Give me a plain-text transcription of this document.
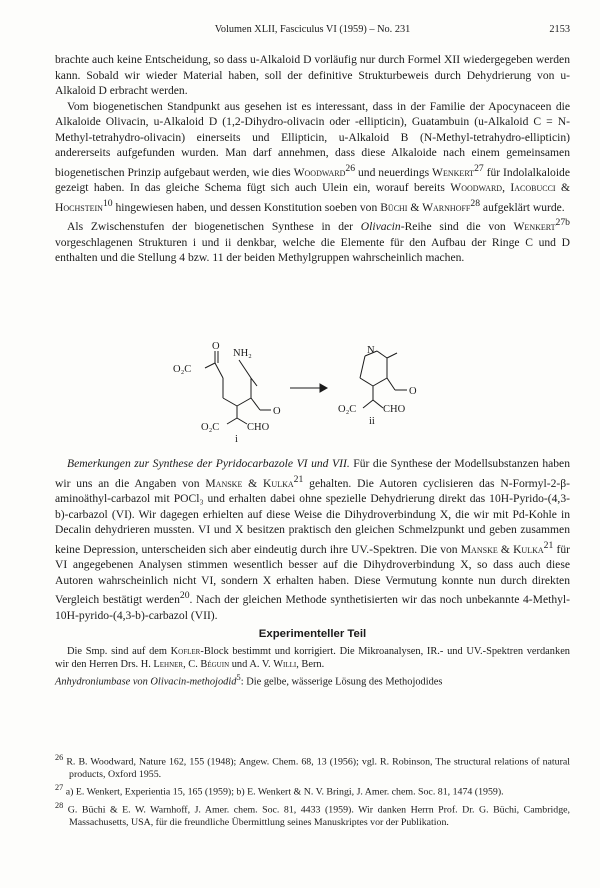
Volumen XLII, Fasciculus VI (1959) – No. 231	2153

brachte auch keine Entscheidung, so dass u-Alkaloid D vorläufig nur durch Formel XII wiedergegeben werden kann. Sobald wir wieder Material haben, soll der definitive Strukturbeweis durch Dehydrierung von u-Alkaloid D erbracht werden.

Vom biogenetischen Standpunkt aus gesehen ist es interessant, dass in der Familie der Apocynaceen die Alkaloide Olivacin, u-Alkaloid D (1,2-Dihydro-olivacin oder -ellipticin), Guatambuin (u-Alkaloid C = N-Methyl-tetrahydro-olivacin) einerseits und Ellipticin, u-Alkaloid B (N-Methyl-tetrahydro-ellipticin) andererseits aufgefunden wurden. Man darf annehmen, dass diese Alkaloide nach einem gemeinsamen biogenetischen Prinzip aufgebaut werden, wie dies Woodward$^{26}$ und neuerdings Wenkert$^{27}$ für Indolalkaloide gezeigt haben. In das gleiche Schema fügt sich auch Ulein ein, worauf bereits Woodward, Iacobucci & Hochstein$^{10}$ hingewiesen haben, und dessen Konstitution soeben von Büchi & Warnhoff$^{28}$ aufgeklärt wurde.

Als Zwischenstufen der biogenetischen Synthese in der Olivacin-Reihe sind die von Wenkert$^{27b}$ vorgeschlagenen Strukturen i und ii denkbar, welche die Elemente für den Aufbau der Ringe C und D enthalten und die Stellung 4 bzw. 11 der beiden Methylgruppen wahrscheinlich machen.

O₂C
O
NH₂
O
O₂C	CHO
i
N
O
O₂C	CHO
ii

Bemerkungen zur Synthese der Pyridocarbazole VI und VII. Für die Synthese der Modellsubstanzen haben wir uns an die Angaben von Manske & Kulka$^{21}$ gehalten. Die Autoren cyclisieren das N-Formyl-2-β-aminoäthyl-carbazol mit POCl₃ und erhalten dabei ohne spezielle Dehydrierung direkt das 10H-Pyrido-(4,3-b)-carbazol (VI). Wir dagegen erhielten auf diese Weise die Dihydroverbindung X, die wir mit Pd-Kohle in Decalin dehydrieren mussten. VI und X besitzen praktisch den gleichen Schmelzpunkt und geben zusammen keine Depression, unterscheiden sich aber eindeutig durch ihre UV.-Spektren. Die von Manske & Kulka$^{21}$ für VI angegebenen Analysen stimmen wesentlich besser auf die Dihydroverbindung X, so dass auch diese Autoren wahrscheinlich nicht VI, sondern X erhalten haben. Diese Vermutung konnte nun durch direkten Vergleich bestätigt werden$^{20}$. Nach der gleichen Methode synthetisierten wir das noch unbekannte 4-Methyl-10H-pyrido-(4,3-b)-carbazol (VII).

Experimenteller Teil

Die Smp. sind auf dem Kofler-Block bestimmt und korrigiert. Die Mikroanalysen, IR.- und UV.-Spektren verdanken wir den Herren Drs. H. Lehner, C. Béguin und A. V. Willi, Bern.
Anhydroniumbase von Olivacin-methojodid$^5$: Die gelbe, wässerige Lösung des Methojodides

$^{26}$ R. B. Woodward, Nature 162, 155 (1948); Angew. Chem. 68, 13 (1956); vgl. R. Robinson, The structural relations of natural products, Oxford 1955.

$^{27}$ a) E. Wenkert, Experientia 15, 165 (1959); b) E. Wenkert & N. V. Bringi, J. Amer. chem. Soc. 81, 1474 (1959).

$^{28}$ G. Büchi & E. W. Warnhoff, J. Amer. chem. Soc. 81, 4433 (1959). Wir danken Herrn Prof. Dr. G. Büchi, Cambridge, Massachusetts, USA, für die freundliche Übermittlung seines Manuskriptes vor der Publikation.
